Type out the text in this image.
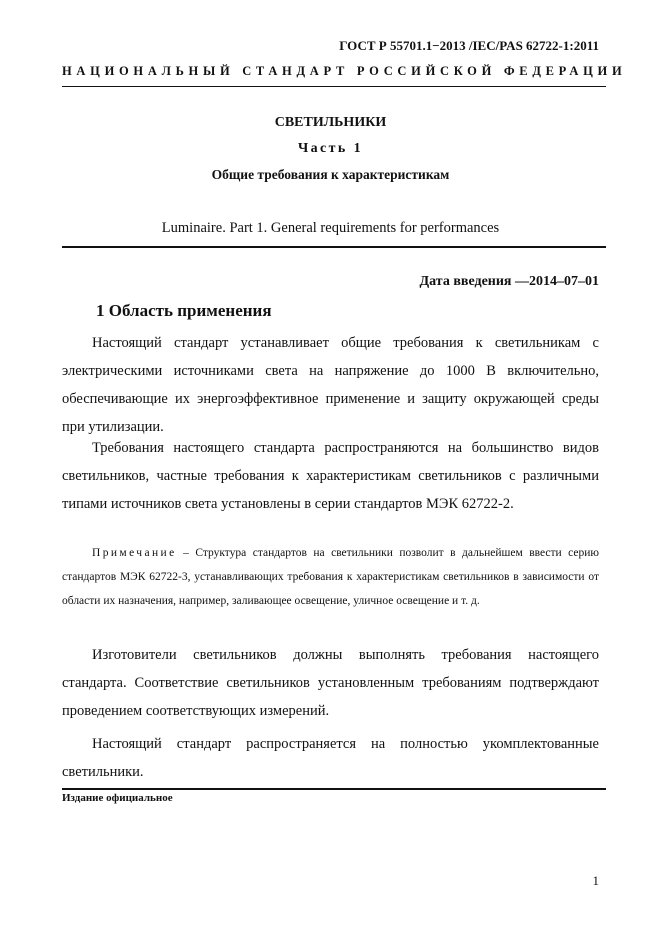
ГОСТ Р 55701.1−2013 /IEC/PAS 62722-1:2011
НАЦИОНАЛЬНЫЙ СТАНДАРТ РОССИЙСКОЙ ФЕДЕРАЦИИ
СВЕТИЛЬНИКИ
Часть 1
Общие требования к характеристикам
Luminaire. Part 1. General requirements for performances
Дата введения —2014–07–01
1 Область применения

Настоящий стандарт устанавливает общие требования к светильникам с электрическими источниками света на напряжение до 1000 В включительно, обеспечивающие их энергоэффективное применение и защиту окружающей среды при утилизации.

Требования настоящего стандарта распространяются на большинство видов светильников, частные требования к характеристикам светильников с различными типами источников света установлены в серии стандартов МЭК 62722-2.

Примечание – Структура стандартов на светильники позволит в дальнейшем ввести серию стандартов МЭК 62722-3, устанавливающих требования к характеристикам светильников в зависимости от области их назначения, например, заливающее освещение, уличное освещение и т. д.

Изготовители светильников должны выполнять требования настоящего стандарта. Соответствие светильников установленным требованиям подтверждают проведением соответствующих измерений.

Настоящий стандарт распространяется на полностью укомплектованные светильники.

Издание официальное
1
